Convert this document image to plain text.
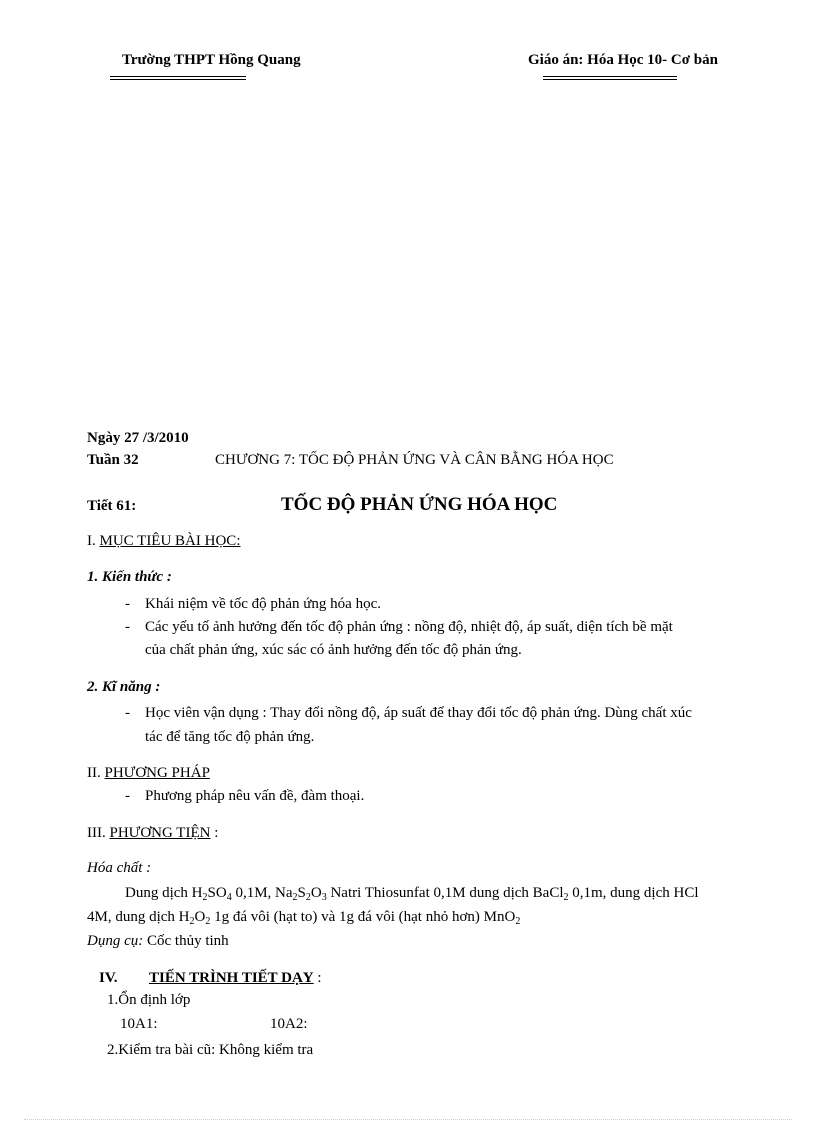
Trường THPT Hồng Quang	Giáo án: Hóa Học 10- Cơ bản
Ngày 27 /3/2010
Tuần 32	CHƯƠNG 7: TỐC ĐỘ PHẢN ỨNG VÀ CÂN BẰNG HÓA HỌC
Tiết 61:	TỐC ĐỘ PHẢN ỨNG HÓA HỌC
I. MỤC TIÊU BÀI HỌC:
1. Kiến thức :
- Khái niệm về tốc độ phản ứng hóa học.
- Các yếu tố ảnh hưởng đến tốc độ phản ứng : nồng độ, nhiệt độ, áp suất, diện tích bề mặt
của chất phản ứng, xúc sác có ảnh hưởng đến tốc độ phản ứng.
2. Kĩ năng :
- Học viên vận dụng : Thay đổi nồng độ, áp suất để thay đổi tốc độ phản ứng. Dùng chất xúc
tác để tăng tốc độ phản ứng.
II. PHƯƠNG PHÁP
- Phương pháp nêu vấn đề, đàm thoại.
III. PHƯƠNG TIỆN :
Hóa chất :
Dung dịch $H_2SO_4$ 0,1M, $Na_2S_2O_3$ Natri Thiosunfat 0,1M dung dịch BaCl$_2$ 0,1m, dung dịch HCl
4M, dung dịch $H_2O_2$ 1g đá vôi (hạt to) và 1g đá vôi (hạt nhỏ hơn) MnO$_2$
Dụng cụ: Cốc thủy tinh
IV. TIẾN TRÌNH TIẾT DẠY :
1.Ổn định lớp
10A1:	10A2:
2.Kiểm tra bài cũ: Không kiểm tra
